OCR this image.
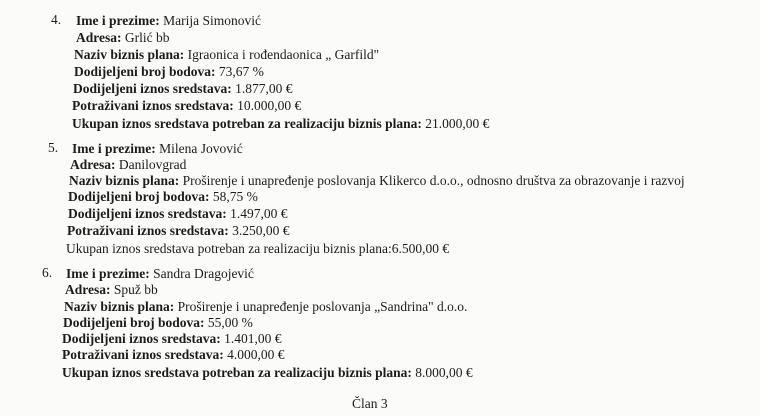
4. Ime i prezime: Marija Simonović
Adresa: Grlić bb
Naziv biznis plana: Igraonica i rođendaonica „ Garfild"
Dodijeljeni broj bodova: 73,67 %
Dodijeljeni iznos sredstava: 1.877,00 €
Potraživani iznos sredstava: 10.000,00 €
Ukupan iznos sredstava potreban za realizaciju biznis plana: 21.000,00 €
5. Ime i prezime: Milena Jovović
Adresa: Danilovgrad
Naziv biznis plana: Proširenje i unapređenje poslovanja Klikerco d.o.o., odnosno društva za obrazovanje i razvoj
Dodijeljeni broj bodova: 58,75 %
Dodijeljeni iznos sredstava: 1.497,00 €
Potraživani iznos sredstava: 3.250,00 €
Ukupan iznos sredstava potreban za realizaciju biznis plana:6.500,00 €
6. Ime i prezime: Sandra Dragojević
Adresa: Spuž bb
Naziv biznis plana: Proširenje i unapređenje poslovanja „Sandrina" d.o.o.
Dodijeljeni broj bodova: 55,00 %
Dodijeljeni iznos sredstava: 1.401,00 €
Potraživani iznos sredstava: 4.000,00 €
Ukupan iznos sredstava potreban za realizaciju biznis plana: 8.000,00 €
Član 3
